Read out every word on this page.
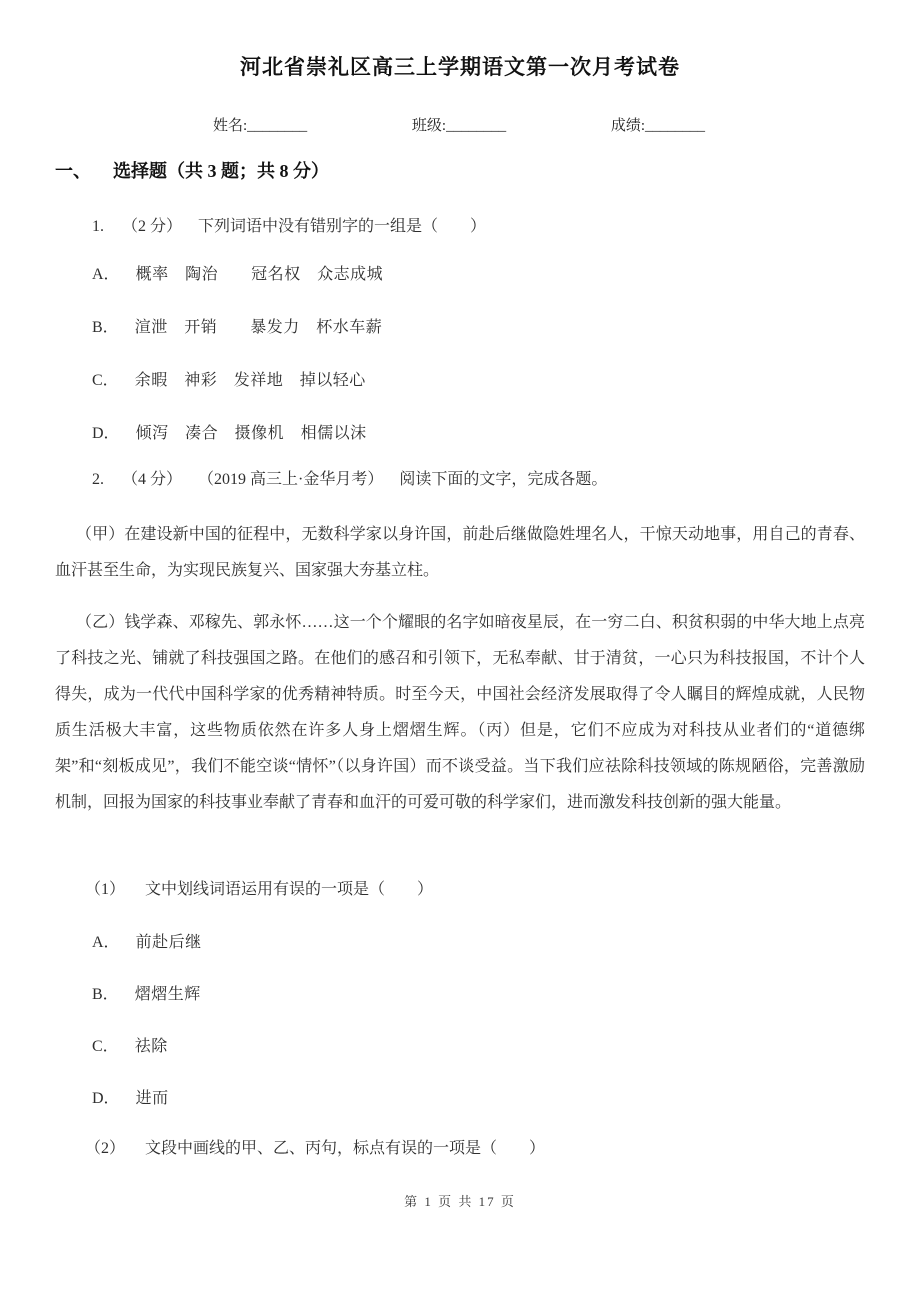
河北省崇礼区高三上学期语文第一次月考试卷
姓名:________	班级:________	成绩:________
一、 选择题（共 3 题；共 8 分）
1. （2 分） 下列词语中没有错别字的一组是（　　）
A． 概率　陶治　　冠名权　众志成城
B． 渲泄　开销　　暴发力　杯水车薪
C． 余暇　神彩　发祥地　掉以轻心
D． 倾泻　凑合　摄像机　相儒以沫
2. （4 分） （2019 高三上·金华月考） 阅读下面的文字，完成各题。

（甲）在建设新中国的征程中，无数科学家以身许国，前赴后继做隐姓埋名人，干惊天动地事，用自己的青春、血汗甚至生命，为实现民族复兴、国家强大夯基立柱。

（乙）钱学森、邓稼先、郭永怀……这一个个耀眼的名字如暗夜星辰，在一穷二白、积贫积弱的中华大地上点亮了科技之光、铺就了科技强国之路。在他们的感召和引领下，无私奉献、甘于清贫，一心只为科技报国，不计个人得失，成为一代代中国科学家的优秀精神特质。时至今天，中国社会经济发展取得了令人瞩目的辉煌成就，人民物质生活极大丰富，这些物质依然在许多人身上熠熠生辉。（丙）但是，它们不应成为对科技从业者们的“道德绑架”和“刻板成见”，我们不能空谈“情怀”（以身许国）而不谈受益。当下我们应祛除科技领域的陈规陋俗，完善激励机制，回报为国家的科技事业奉献了青春和血汗的可爱可敬的科学家们，进而激发科技创新的强大能量。

（1） 文中划线词语运用有误的一项是（　　）
A． 前赴后继
B． 熠熠生辉
C． 祛除
D． 进而
（2） 文段中画线的甲、乙、丙句，标点有误的一项是（　　）
第 1 页 共 17 页
